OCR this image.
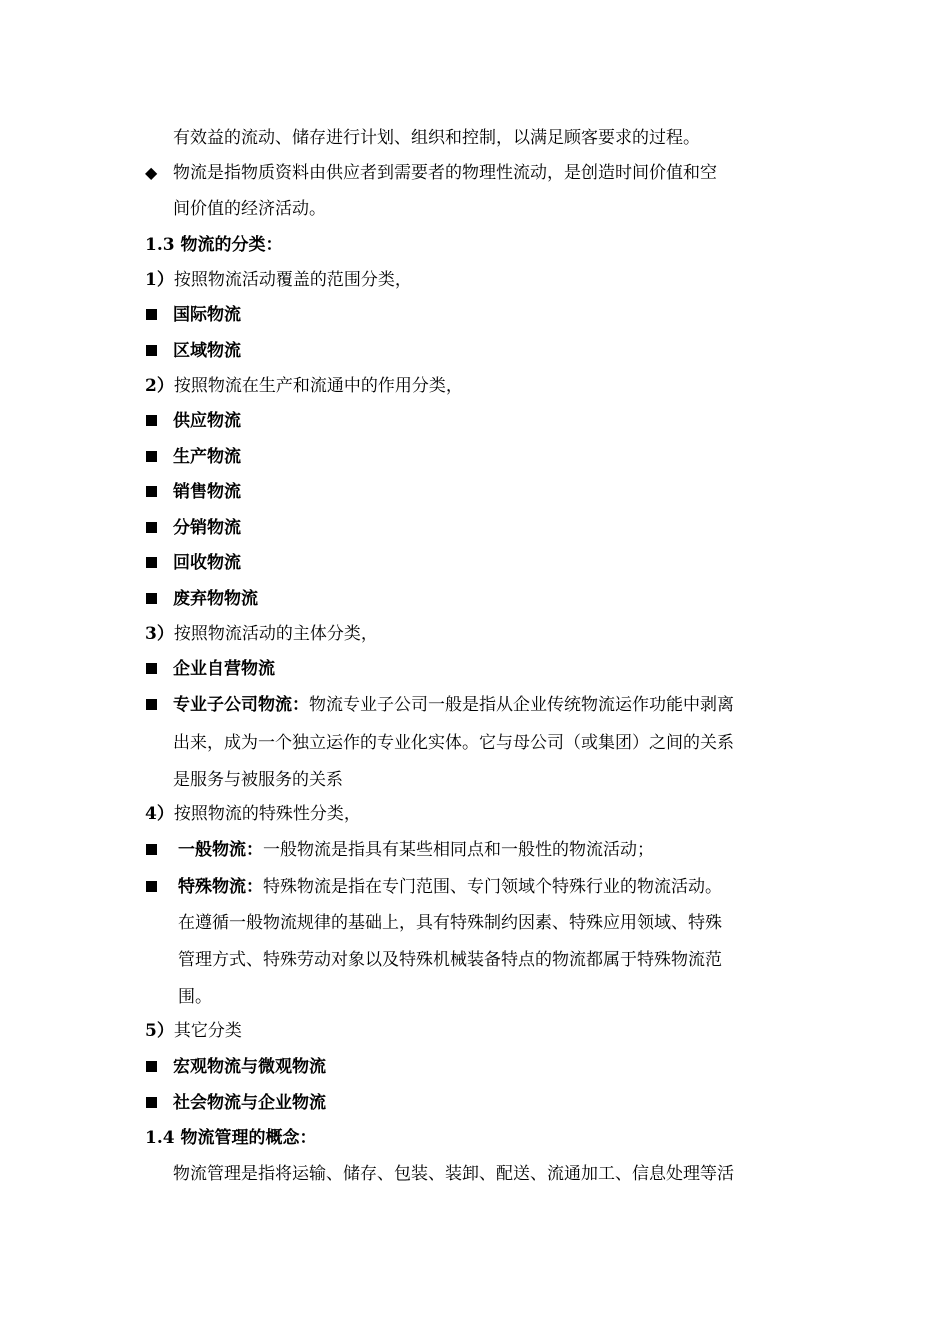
有效益的流动、储存进行计划、组织和控制，以满足顾客要求的过程。
◆ 物流是指物质资料由供应者到需要者的物理性流动，是创造时间价值和空
间价值的经济活动。
1.3 物流的分类：
1）按照物流活动覆盖的范围分类，
国际物流
区域物流
2）按照物流在生产和流通中的作用分类，
供应物流
生产物流
销售物流
分销物流
回收物流
废弃物物流
3）按照物流活动的主体分类，
企业自营物流
专业子公司物流：物流专业子公司一般是指从企业传统物流运作功能中剥离
出来，成为一个独立运作的专业化实体。它与母公司（或集团）之间的关系
是服务与被服务的关系
4）按照物流的特殊性分类，
一般物流：一般物流是指具有某些相同点和一般性的物流活动；
特殊物流：特殊物流是指在专门范围、专门领域个特殊行业的物流活动。
在遵循一般物流规律的基础上，具有特殊制约因素、特殊应用领域、特殊
管理方式、特殊劳动对象以及特殊机械装备特点的物流都属于特殊物流范
围。
5）其它分类
宏观物流与微观物流
社会物流与企业物流
1.4 物流管理的概念：
物流管理是指将运输、储存、包装、装卸、配送、流通加工、信息处理等活
